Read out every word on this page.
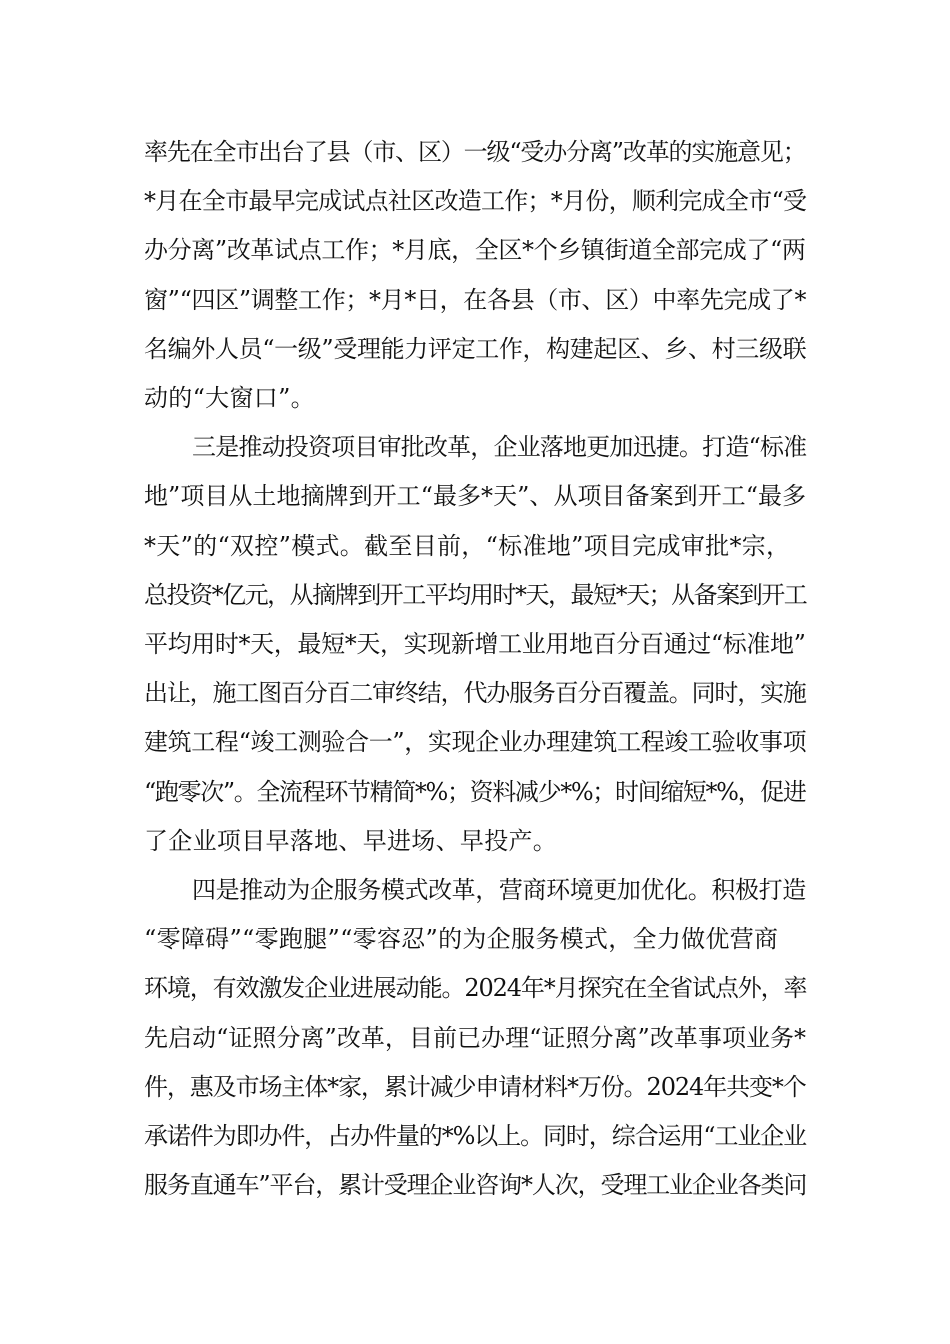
率先在全市出台了县（市、区）一级“受办分离”改革的实施意见；
*月在全市最早完成试点社区改造工作；*月份，顺利完成全市“受
办分离”改革试点工作；*月底，全区*个乡镇街道全部完成了“两
窗”“四区”调整工作；*月*日，在各县（市、区）中率先完成了*
名编外人员“一级”受理能力评定工作，构建起区、乡、村三级联
动的“大窗口”。

三是推动投资项目审批改革，企业落地更加迅捷。打造“标准
地”项目从土地摘牌到开工“最多*天”、从项目备案到开工“最多
*天”的“双控”模式。截至目前，“标准地”项目完成审批*宗，
总投资*亿元，从摘牌到开工平均用时*天，最短*天；从备案到开工
平均用时*天，最短*天，实现新增工业用地百分百通过“标准地”
出让，施工图百分百二审终结，代办服务百分百覆盖。同时，实施
建筑工程“竣工测验合一”，实现企业办理建筑工程竣工验收事项
“跑零次”。全流程环节精简*%；资料减少*%；时间缩短*%，促进
了企业项目早落地、早进场、早投产。

四是推动为企服务模式改革，营商环境更加优化。积极打造
“零障碍”“零跑腿”“零容忍”的为企服务模式，全力做优营商
环境，有效激发企业进展动能。2024年*月探究在全省试点外，率
先启动“证照分离”改革，目前已办理“证照分离”改革事项业务*
件，惠及市场主体*家，累计减少申请材料*万份。2024年共变*个
承诺件为即办件，占办件量的*%以上。同时，综合运用“工业企业
服务直通车”平台，累计受理企业咨询*人次，受理工业企业各类问
